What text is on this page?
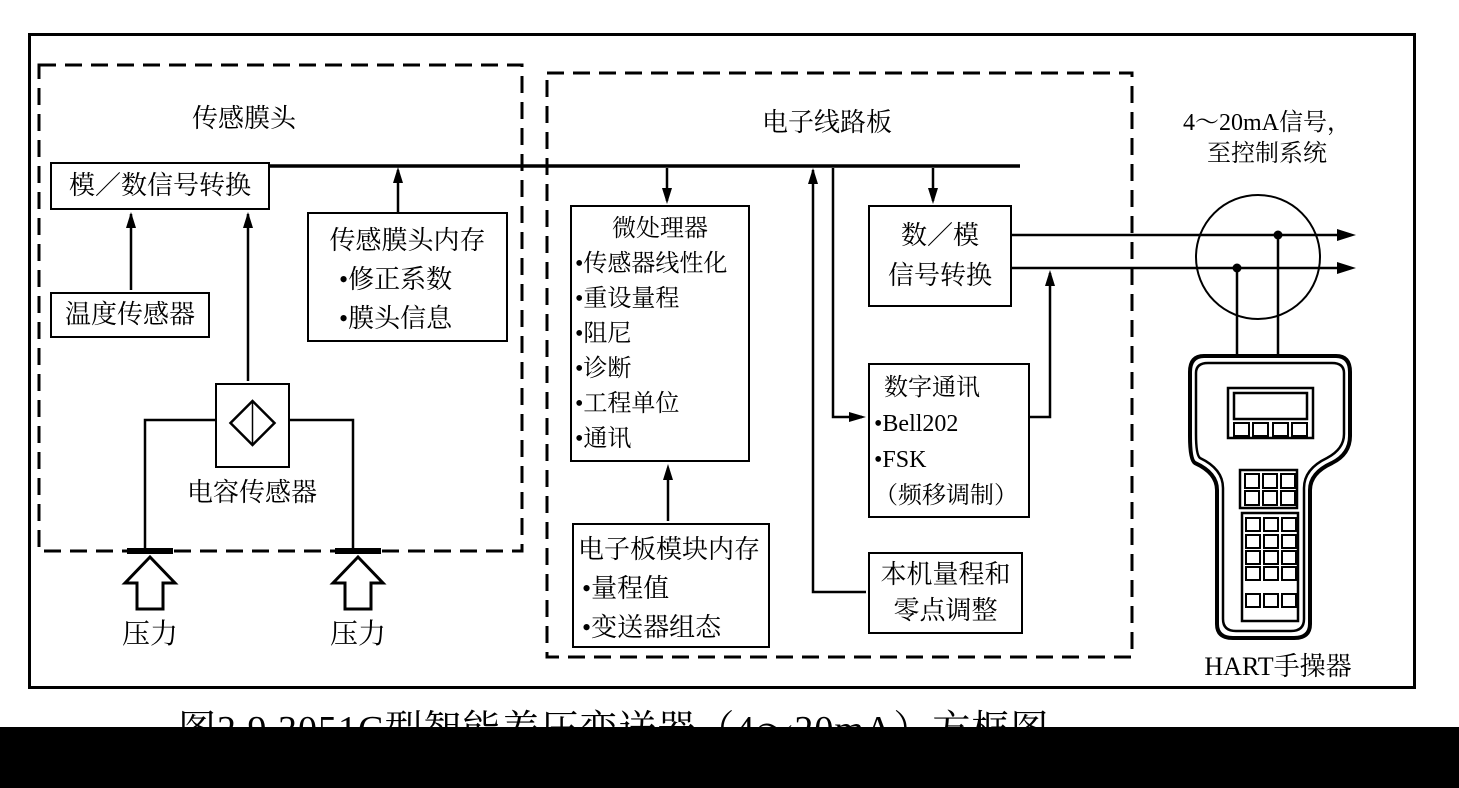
传感膜头	电子线路板
模／数信号转换
温度传感器
传感膜头内存
•修正系数
•膜头信息
电容传感器
压力	压力
微处理器
•传感器线性化
•重设量程
•阻尼
•诊断
•工程单位
•通讯
电子板模块内存
•量程值
•变送器组态
数／模
信号转换
数字通讯
•Bell202
•FSK
（频移调制）
本机量程和
零点调整
4～20mA信号，
至控制系统
HART手操器
